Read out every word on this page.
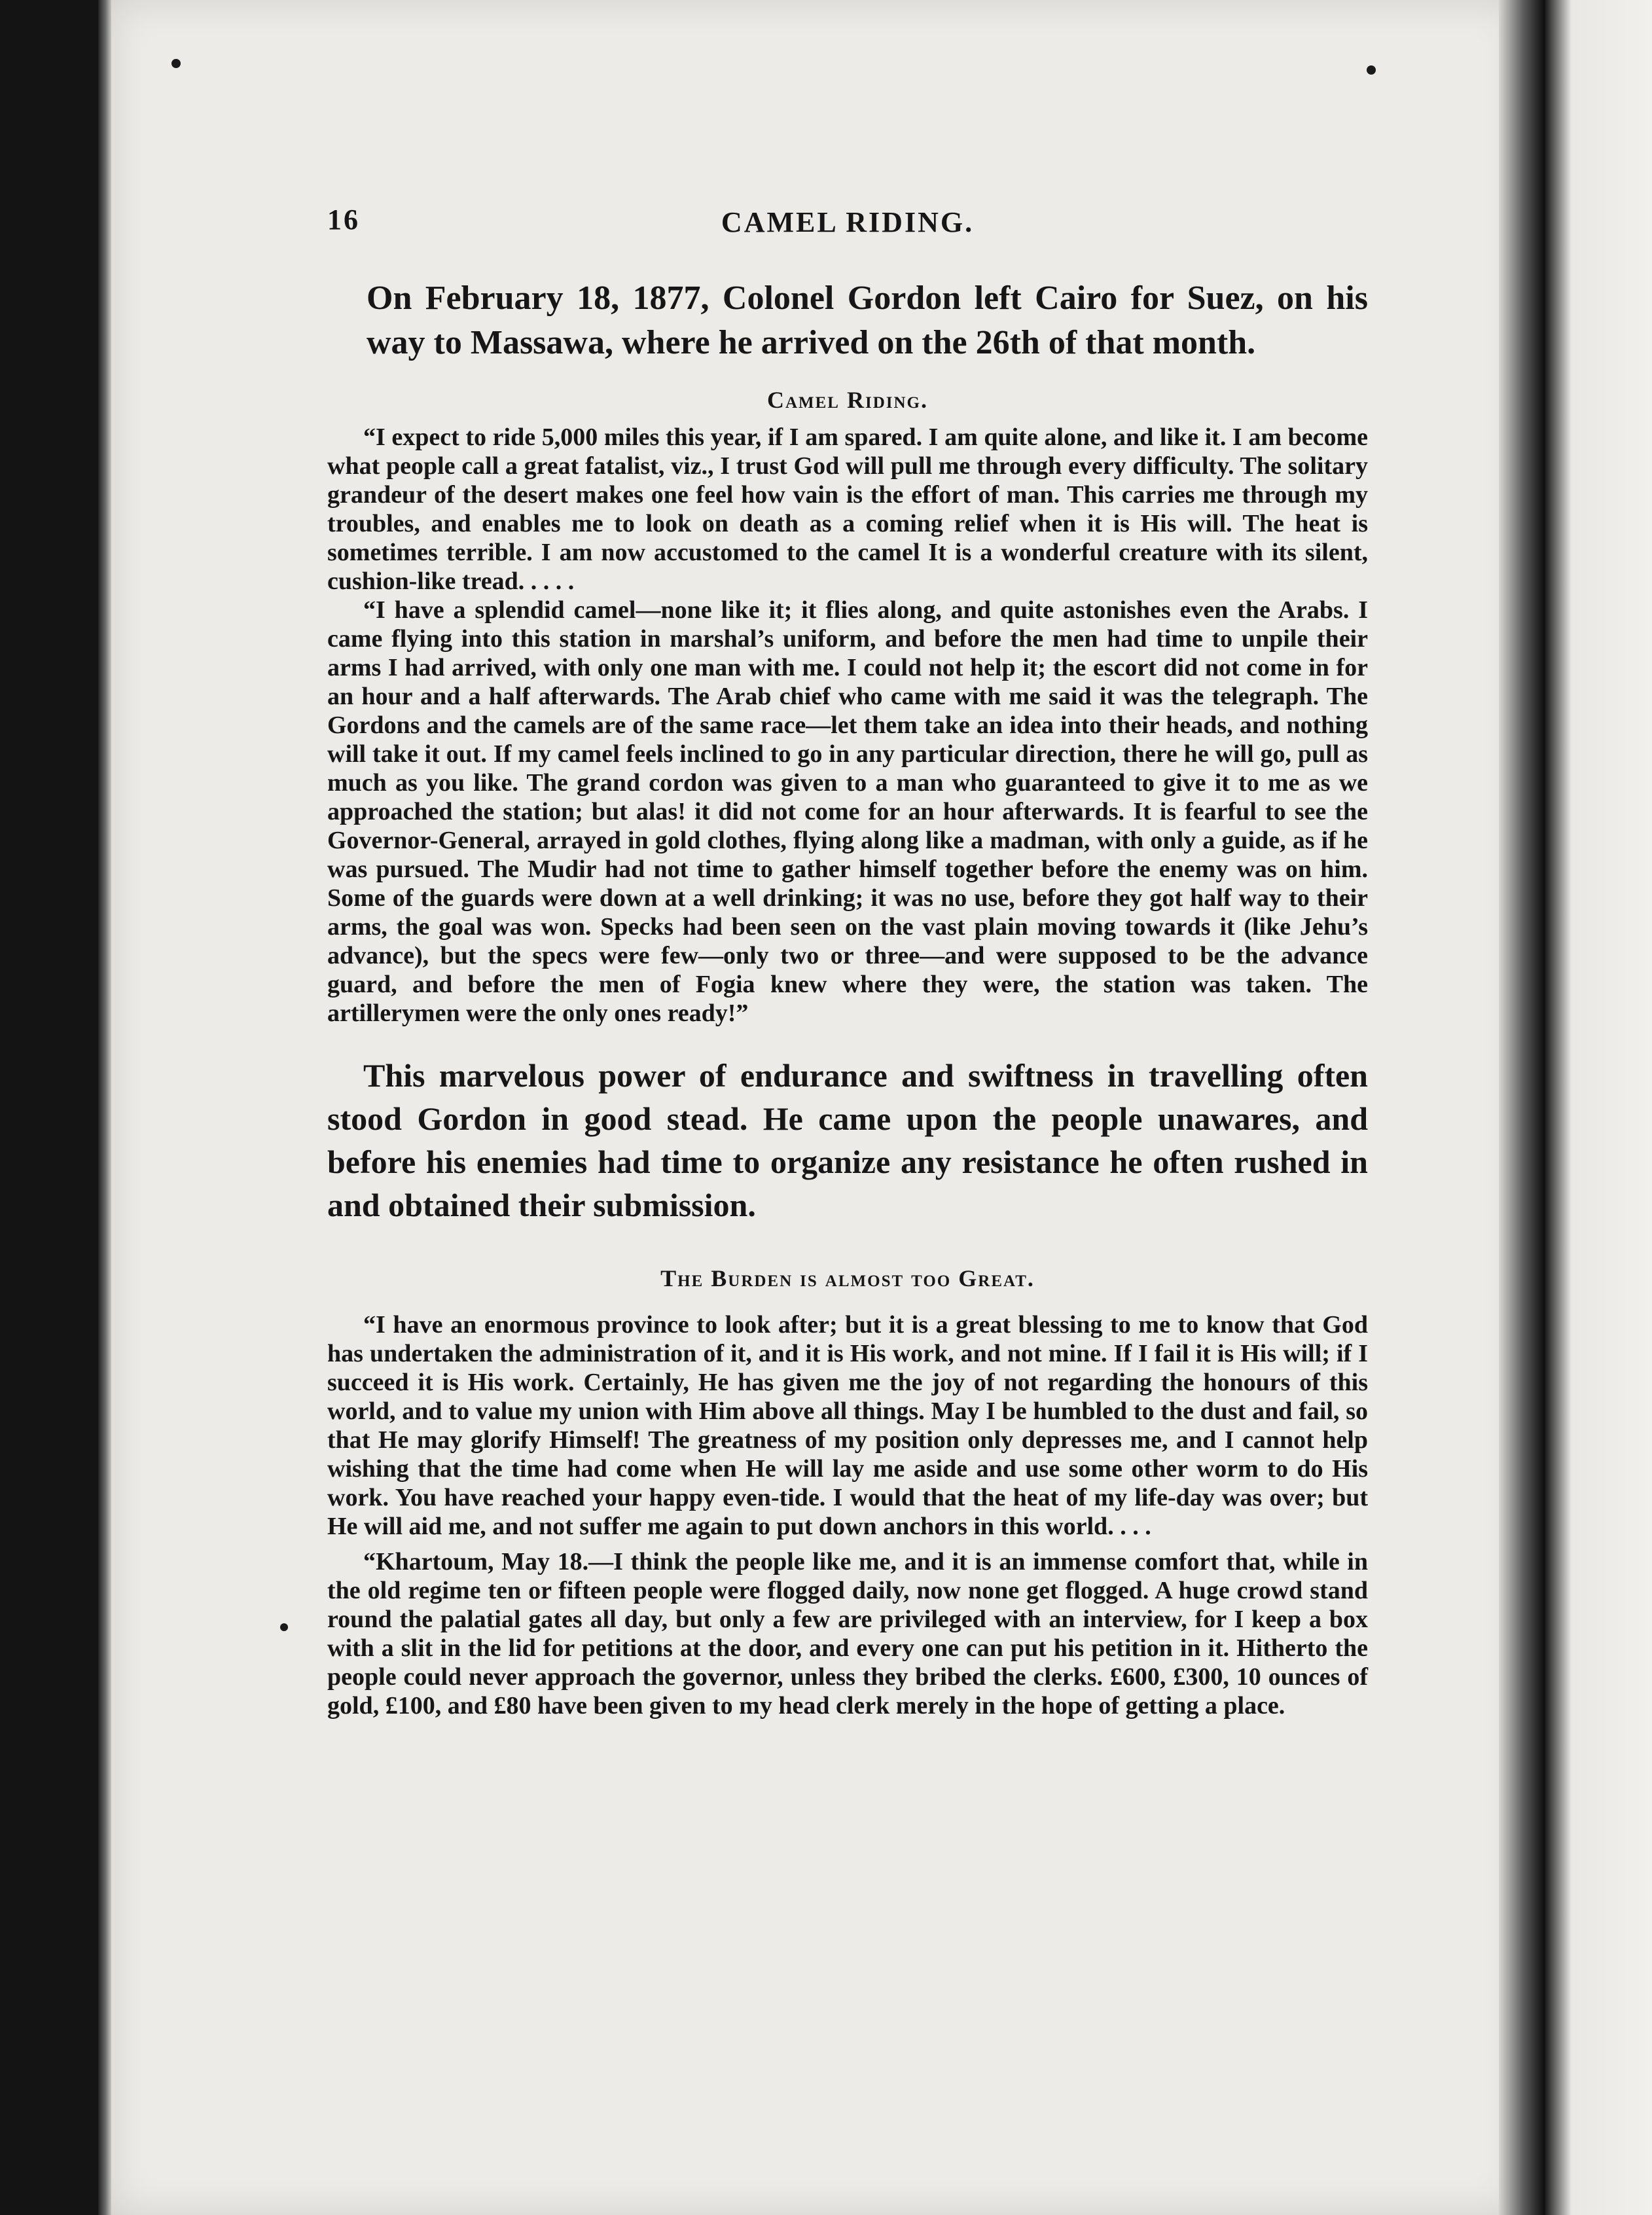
16	CAMEL RIDING.

On February 18, 1877, Colonel Gordon left Cairo for Suez, on his way to Massawa, where he arrived on the 26th of that month.

Camel Riding.

“I expect to ride 5,000 miles this year, if I am spared. I am quite alone, and like it. I am become what people call a great fatalist, viz., I trust God will pull me through every difficulty. The solitary grandeur of the desert makes one feel how vain is the effort of man. This carries me through my troubles, and enables me to look on death as a coming relief when it is His will. The heat is sometimes terrible. I am now accustomed to the camel It is a wonderful creature with its silent, cushion-like tread. . . . .

“I have a splendid camel—none like it; it flies along, and quite astonishes even the Arabs. I came flying into this station in marshal’s uniform, and before the men had time to unpile their arms I had arrived, with only one man with me. I could not help it; the escort did not come in for an hour and a half afterwards. The Arab chief who came with me said it was the telegraph. The Gordons and the camels are of the same race—let them take an idea into their heads, and nothing will take it out. If my camel feels inclined to go in any particular direction, there he will go, pull as much as you like. The grand cordon was given to a man who guaranteed to give it to me as we approached the station; but alas! it did not come for an hour afterwards. It is fearful to see the Governor-General, arrayed in gold clothes, flying along like a madman, with only a guide, as if he was pursued. The Mudir had not time to gather himself together before the enemy was on him. Some of the guards were down at a well drinking; it was no use, before they got half way to their arms, the goal was won. Specks had been seen on the vast plain moving towards it (like Jehu’s advance), but the specs were few—only two or three—and were supposed to be the advance guard, and before the men of Fogia knew where they were, the station was taken. The artillerymen were the only ones ready!”

This marvelous power of endurance and swiftness in travelling often stood Gordon in good stead. He came upon the people unawares, and before his enemies had time to organize any resistance he often rushed in and obtained their submission.

The Burden is almost too Great.

“I have an enormous province to look after; but it is a great blessing to me to know that God has undertaken the administration of it, and it is His work, and not mine. If I fail it is His will; if I succeed it is His work. Certainly, He has given me the joy of not regarding the honours of this world, and to value my union with Him above all things. May I be humbled to the dust and fail, so that He may glorify Himself! The greatness of my position only depresses me, and I cannot help wishing that the time had come when He will lay me aside and use some other worm to do His work. You have reached your happy even-tide. I would that the heat of my life-day was over; but He will aid me, and not suffer me again to put down anchors in this world. . . .

“Khartoum, May 18.—I think the people like me, and it is an immense comfort that, while in the old regime ten or fifteen people were flogged daily, now none get flogged. A huge crowd stand round the palatial gates all day, but only a few are privileged with an interview, for I keep a box with a slit in the lid for petitions at the door, and every one can put his petition in it. Hitherto the people could never approach the governor, unless they bribed the clerks. £600, £300, 10 ounces of gold, £100, and £80 have been given to my head clerk merely in the hope of getting a place.
